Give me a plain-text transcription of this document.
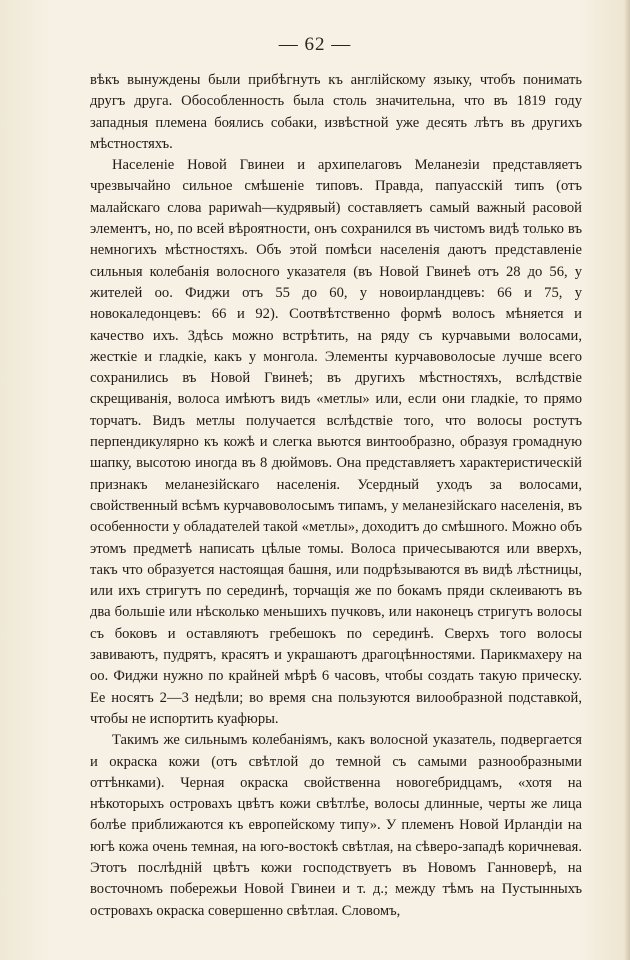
— 62 —

вѣкъ вынуждены были прибѣгнуть къ англійскому языку, чтобъ понимать другъ друга. Обособленность была столь значительна, что въ 1819 году западныя племена боялись собаки, извѣстной уже десять лѣтъ въ другихъ мѣстностяхъ.

Населеніе Новой Гвинеи и архипелаговъ Меланезіи представляетъ чрезвычайно сильное смѣшеніе типовъ. Правда, папуасскій типъ (отъ малайскаго слова рариwah—кудрявый) составляетъ самый важный расовой элементъ, но, по всей вѣроятности, онъ сохранился въ чистомъ видѣ только въ немногихъ мѣстностяхъ. Объ этой помѣси населенія даютъ представленіе сильныя колебанія волосного указателя (въ Новой Гвинеѣ отъ 28 до 56, у жителей оо. Фиджи отъ 55 до 60, у новоирландцевъ: 66 и 75, у новокаледонцевъ: 66 и 92). Соотвѣтственно формѣ волосъ мѣняется и качество ихъ. Здѣсь можно встрѣтить, на ряду съ курчавыми волосами, жесткіе и гладкіе, какъ у монгола. Элементы курчавоволосые лучше всего сохранились въ Новой Гвинеѣ; въ другихъ мѣстностяхъ, вслѣдствіе скрещиванія, волоса имѣютъ видъ «метлы» или, если они гладкіе, то прямо торчатъ. Видъ метлы получается вслѣдствіе того, что волосы ростутъ перпендикулярно къ кожѣ и слегка вьются винтообразно, образуя громадную шапку, высотою иногда въ 8 дюймовъ. Она представляетъ характеристическій признакъ меланезійскаго населенія. Усердный уходъ за волосами, свойственный всѣмъ курчавоволосымъ типамъ, у меланезійскаго населенія, въ особенности у обладателей такой «метлы», доходитъ до смѣшного. Можно объ этомъ предметѣ написать цѣлые томы. Волоса причесываются или вверхъ, такъ что образуется настоящая башня, или подрѣзываются въ видѣ лѣстницы, или ихъ стригутъ по серединѣ, торчащія же по бокамъ пряди склеиваютъ въ два большіе или нѣсколько меньшихъ пучковъ, или наконецъ стригутъ волосы съ боковъ и оставляютъ гребешокъ по серединѣ. Сверхъ того волосы завиваютъ, пудрятъ, красятъ и украшаютъ драгоцѣнностями. Парикмахеру на оо. Фиджи нужно по крайней мѣрѣ 6 часовъ, чтобы создать такую прическу. Ее носятъ 2—3 недѣли; во время сна пользуются вилообразной подставкой, чтобы не испортить куафюры.

Такимъ же сильнымъ колебаніямъ, какъ волосной указатель, подвергается и окраска кожи (отъ свѣтлой до темной съ самыми разнообразными оттѣнками). Черная окраска свойственна новогебридцамъ, «хотя на нѣкоторыхъ островахъ цвѣтъ кожи свѣтлѣе, волосы длинные, черты же лица болѣе приближаются къ европейскому типу». У племенъ Новой Ирландіи на югѣ кожа очень темная, на юго-востокѣ свѣтлая, на сѣверо-западѣ коричневая. Этотъ послѣдній цвѣтъ кожи господствуетъ въ Новомъ Ганноверѣ, на восточномъ побережьи Новой Гвинеи и т. д.; между тѣмъ на Пустынныхъ островахъ окраска совершенно свѣтлая. Словомъ,
